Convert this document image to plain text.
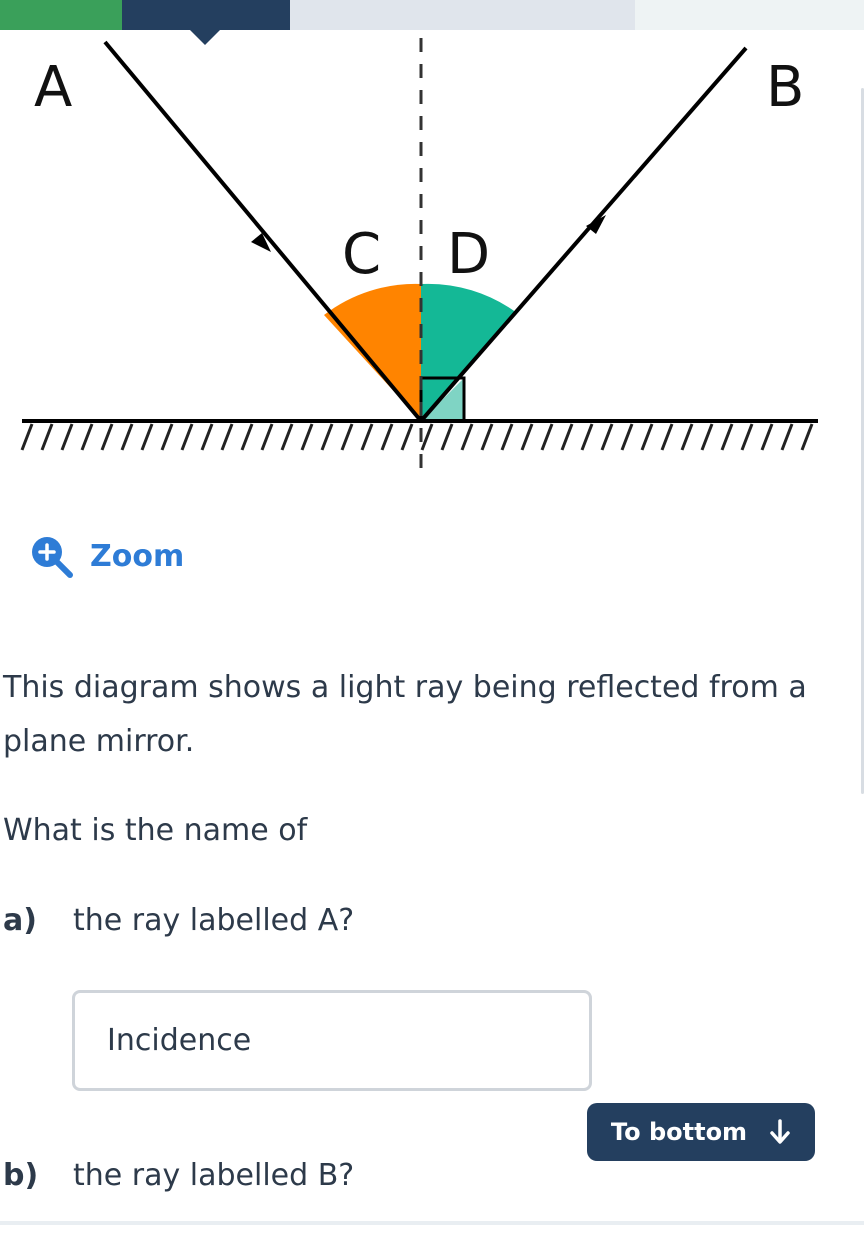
A	B
C D
Zoom

This diagram shows a light ray being reflected from a plane mirror.

What is the name of

a)	the ray labelled A?
Incidence
To bottom
b)	the ray labelled B?
